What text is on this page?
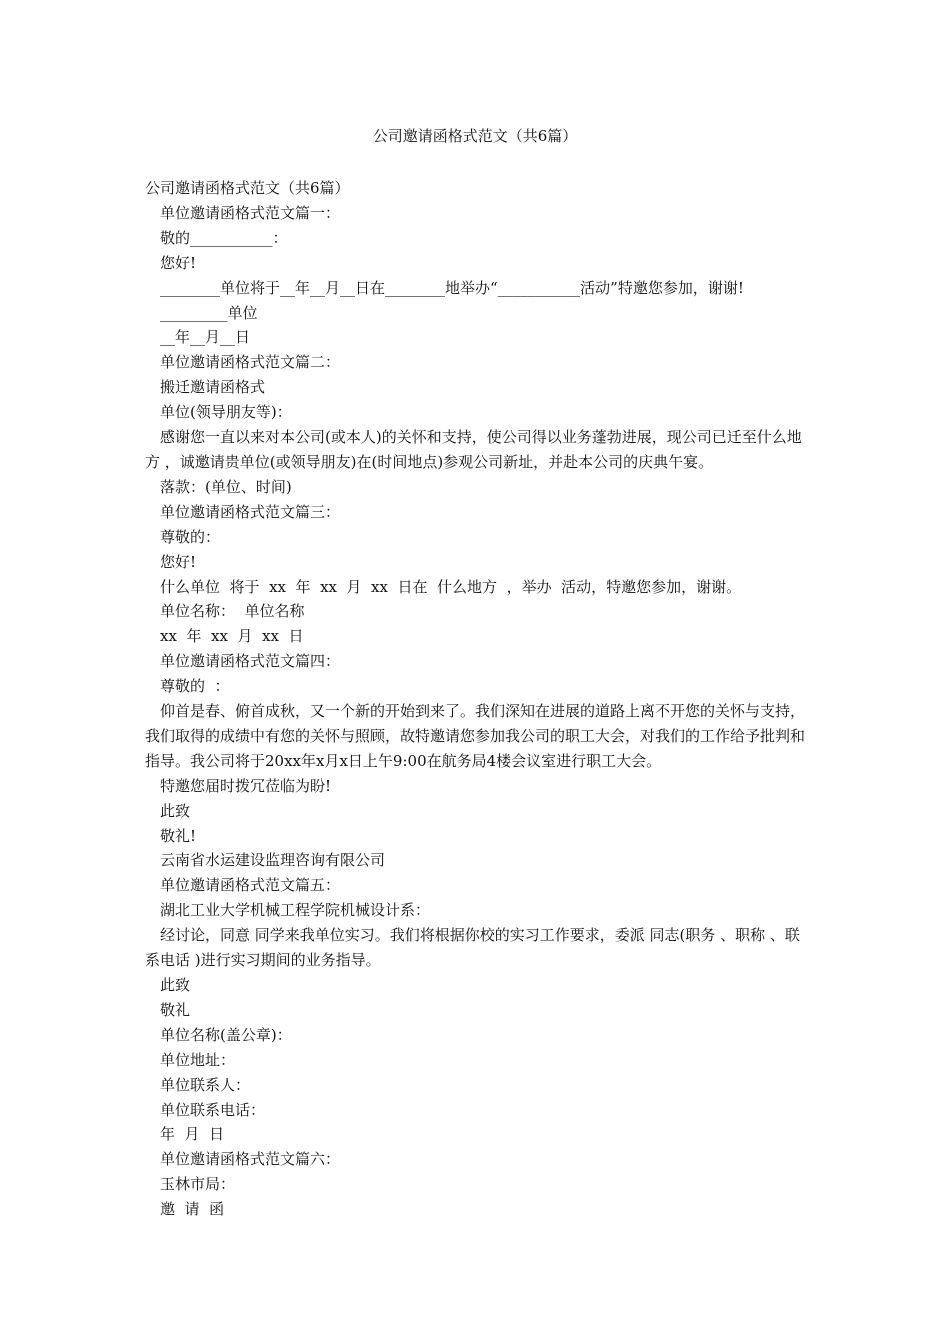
公司邀请函格式范文（共6篇）

公司邀请函格式范文（共6篇）

单位邀请函格式范文篇一：

敬的___________：

您好!

________单位将于__年__月__日在________地举办“___________活动”特邀您参加，谢谢!

_________单位

__年__月__日

单位邀请函格式范文篇二：

搬迁邀请函格式

单位(领导朋友等)：

感谢您一直以来对本公司(或本人)的关怀和支持，使公司得以业务蓬勃进展，现公司已迁至什么地方 ，诚邀请贵单位(或领导朋友)在(时间地点)参观公司新址，并赴本公司的庆典午宴。

落款：(单位、时间)

单位邀请函格式范文篇三：

尊敬的：

您好!

什么单位  将于  xx  年  xx  月  xx  日在  什么地方  ，举办  活动，特邀您参加，谢谢。

单位名称：  单位名称

xx  年  xx  月  xx  日

单位邀请函格式范文篇四：

尊敬的  ：

仰首是春、俯首成秋，又一个新的开始到来了。我们深知在进展的道路上离不开您的关怀与支持，我们取得的成绩中有您的关怀与照顾，故特邀请您参加我公司的职工大会，对我们的工作给予批判和指导。我公司将于20xx年x月x日上午9:00在航务局4楼会议室进行职工大会。

特邀您届时拨冗莅临为盼!

此致

敬礼!

云南省水运建设监理咨询有限公司

单位邀请函格式范文篇五：

湖北工业大学机械工程学院机械设计系：

经讨论，同意 同学来我单位实习。我们将根据你校的实习工作要求，委派 同志(职务 、职称 、联系电话 )进行实习期间的业务指导。

此致

敬礼

单位名称(盖公章)：

单位地址：

单位联系人：

单位联系电话：

年  月  日

单位邀请函格式范文篇六：

玉林市局：

邀  请  函
